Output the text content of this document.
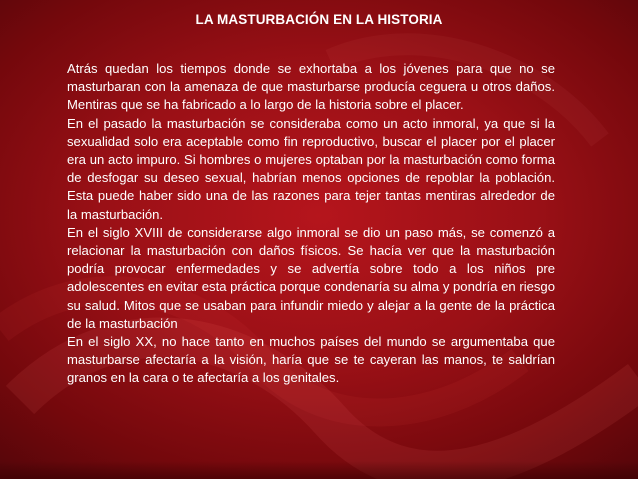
LA MASTURBACIÓN EN LA HISTORIA

Atrás quedan los tiempos donde se exhortaba a los jóvenes para que no se masturbaran con la amenaza de que masturbarse producía ceguera u otros daños. Mentiras que se ha fabricado a lo largo de la historia sobre el placer.

En el pasado la masturbación se consideraba como un acto inmoral, ya que si la sexualidad solo era aceptable como fin reproductivo, buscar el placer por el placer era un acto impuro. Si hombres o mujeres optaban por la masturbación como forma de desfogar su deseo sexual, habrían menos opciones de repoblar la población. Esta puede haber sido una de las razones para tejer tantas mentiras alrededor de la masturbación.

En el siglo XVIII de considerarse algo inmoral se dio un paso más, se comenzó a relacionar la masturbación con daños físicos. Se hacía ver que la masturbación podría provocar enfermedades y se advertía sobre todo a los niños pre adolescentes en evitar esta práctica porque condenaría su alma y pondría en riesgo su salud. Mitos que se usaban para infundir miedo y alejar a la gente de la práctica de la masturbación

En el siglo XX, no hace tanto en muchos países del mundo se argumentaba que masturbarse afectaría a la visión, haría que se te cayeran las manos, te saldrían granos en la cara o te afectaría a los genitales.
